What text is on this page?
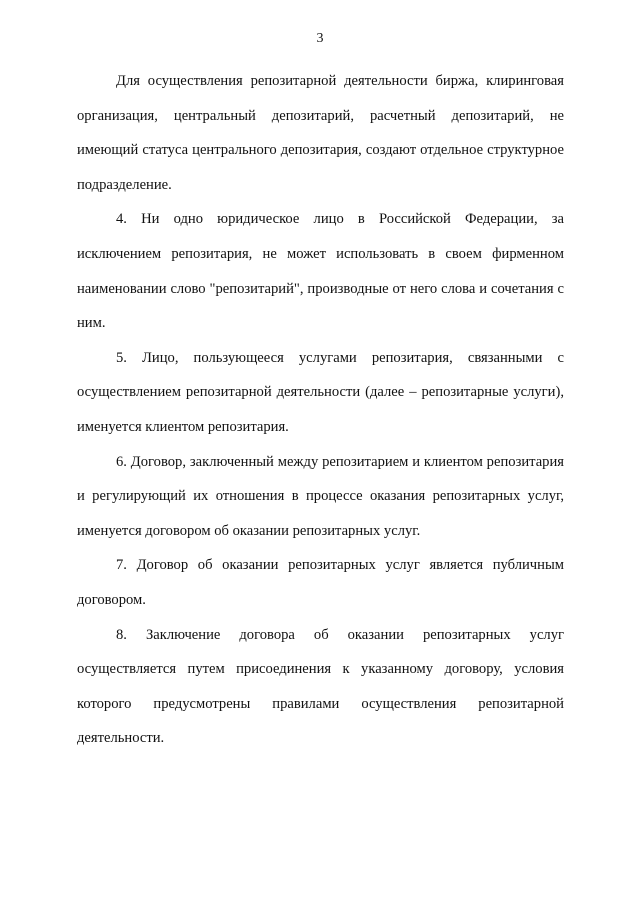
3

Для осуществления репозитарной деятельности биржа, клиринговая организация, центральный депозитарий, расчетный депозитарий, не имеющий статуса центрального депозитария, создают отдельное структурное подразделение.

4. Ни одно юридическое лицо в Российской Федерации, за исключением репозитария, не может использовать в своем фирменном наименовании слово "репозитарий", производные от него слова и сочетания с ним.

5. Лицо, пользующееся услугами репозитария, связанными с осуществлением репозитарной деятельности (далее – репозитарные услуги), именуется клиентом репозитария.

6. Договор, заключенный между репозитарием и клиентом репозитария и регулирующий их отношения в процессе оказания репозитарных услуг, именуется договором об оказании репозитарных услуг.

7. Договор об оказании репозитарных услуг является публичным договором.

8. Заключение договора об оказании репозитарных услуг осуществляется путем присоединения к указанному договору, условия которого предусмотрены правилами осуществления репозитарной деятельности.
